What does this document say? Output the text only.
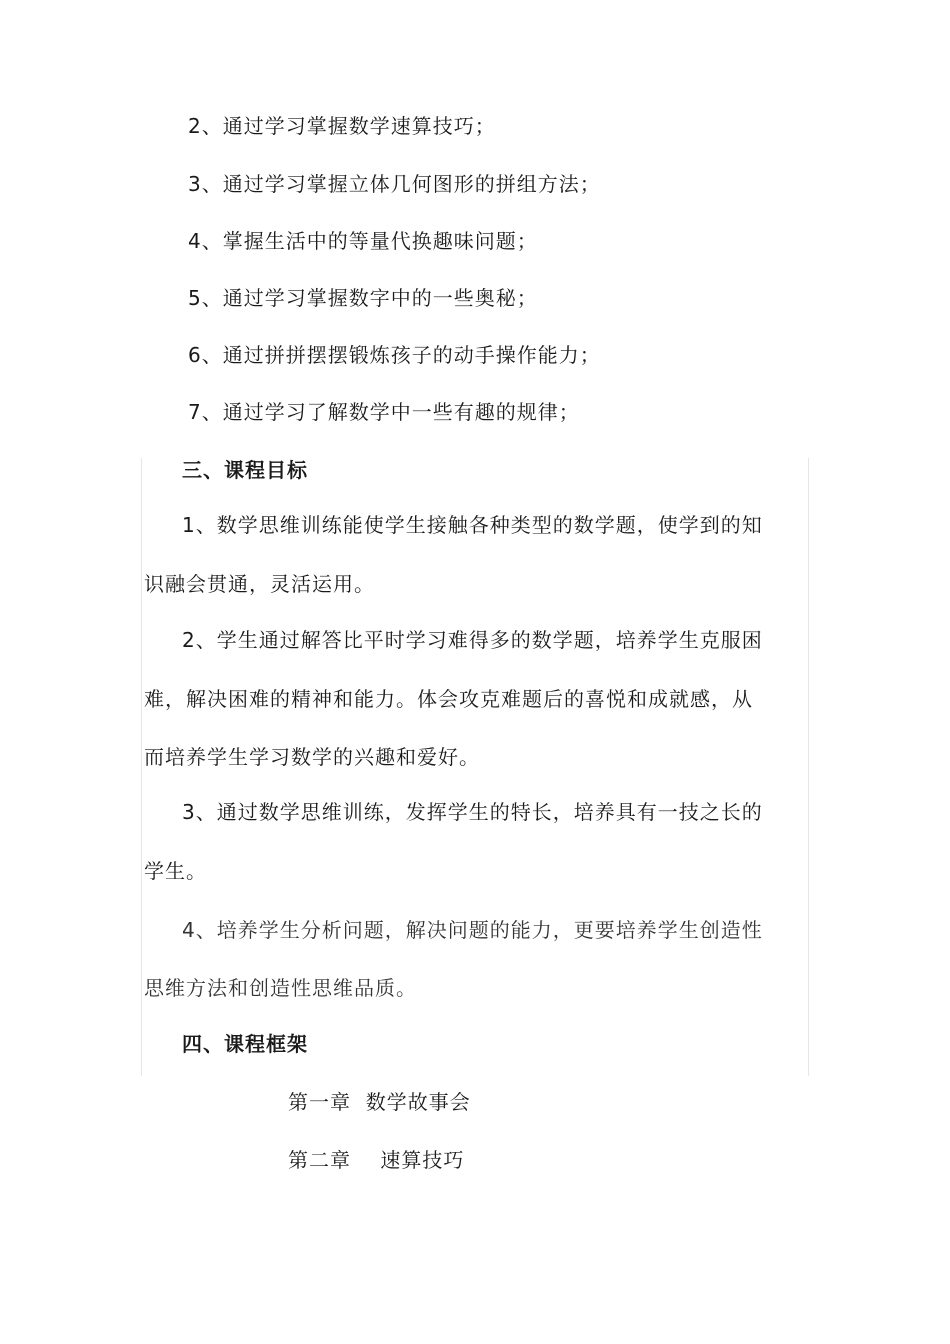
2、通过学习掌握数学速算技巧；
3、通过学习掌握立体几何图形的拼组方法；
4、掌握生活中的等量代换趣味问题；
5、通过学习掌握数字中的一些奥秘；
6、通过拼拼摆摆锻炼孩子的动手操作能力；
7、通过学习了解数学中一些有趣的规律；
三、课程目标
1、数学思维训练能使学生接触各种类型的数学题，使学到的知
识融会贯通，灵活运用。
2、学生通过解答比平时学习难得多的数学题，培养学生克服困
难，解决困难的精神和能力。体会攻克难题后的喜悦和成就感，从
而培养学生学习数学的兴趣和爱好。
3、通过数学思维训练，发挥学生的特长，培养具有一技之长的
学生。
4、培养学生分析问题，解决问题的能力，更要培养学生创造性
思维方法和创造性思维品质。
四、课程框架
第一章  数学故事会
第二章    速算技巧
